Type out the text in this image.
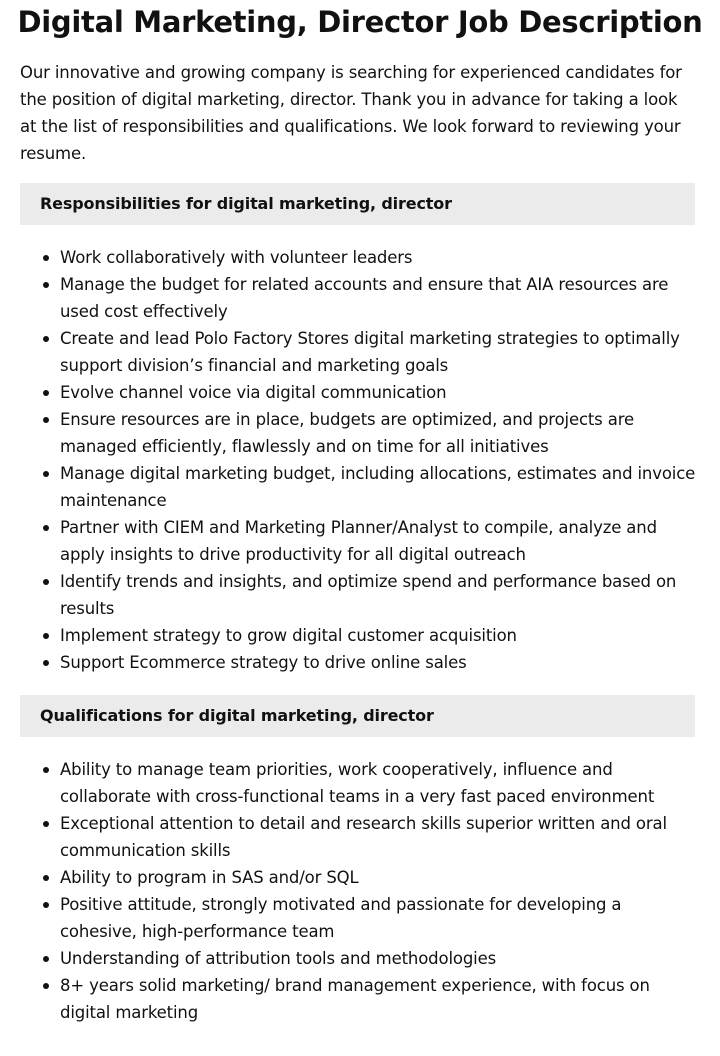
Digital Marketing, Director Job Description

Our innovative and growing company is searching for experienced candidates for the position of digital marketing, director. Thank you in advance for taking a look at the list of responsibilities and qualifications. We look forward to reviewing your resume.

Responsibilities for digital marketing, director
Work collaboratively with volunteer leaders
Manage the budget for related accounts and ensure that AIA resources are used cost effectively
Create and lead Polo Factory Stores digital marketing strategies to optimally support division’s financial and marketing goals
Evolve channel voice via digital communication
Ensure resources are in place, budgets are optimized, and projects are managed efficiently, flawlessly and on time for all initiatives
Manage digital marketing budget, including allocations, estimates and invoice maintenance
Partner with CIEM and Marketing Planner/Analyst to compile, analyze and apply insights to drive productivity for all digital outreach
Identify trends and insights, and optimize spend and performance based on results
Implement strategy to grow digital customer acquisition
Support Ecommerce strategy to drive online sales
Qualifications for digital marketing, director
Ability to manage team priorities, work cooperatively, influence and collaborate with cross-functional teams in a very fast paced environment
Exceptional attention to detail and research skills superior written and oral communication skills
Ability to program in SAS and/or SQL
Positive attitude, strongly motivated and passionate for developing a cohesive, high-performance team
Understanding of attribution tools and methodologies
8+ years solid marketing/ brand management experience, with focus on digital marketing
